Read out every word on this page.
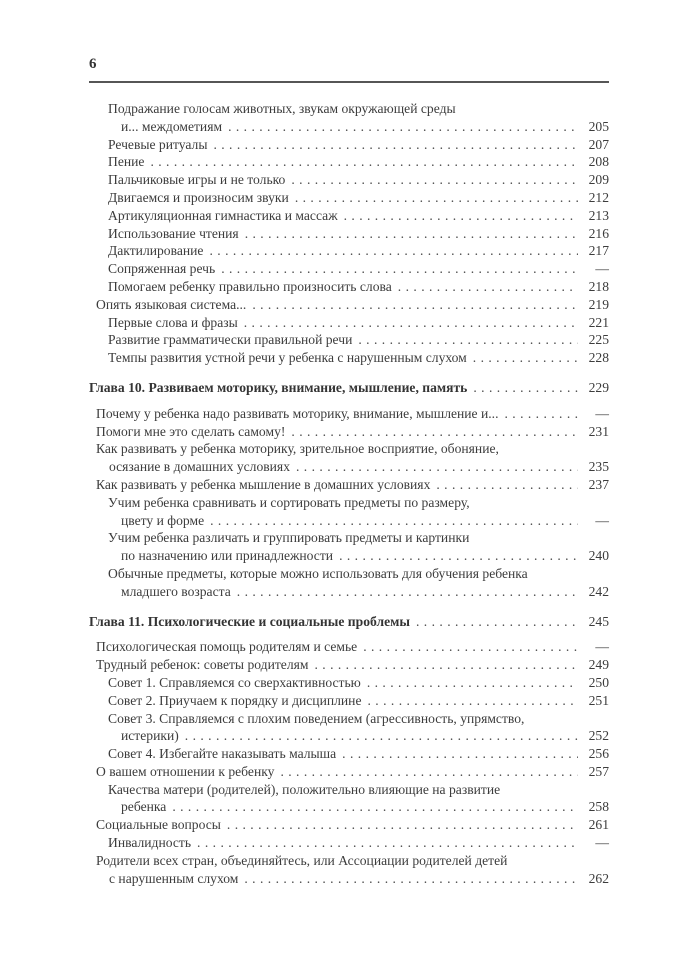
6
Подражание голосам животных, звукам окружающей среды
и... междометиям . . .	205
Речевые ритуалы . . .	207
Пение . . .	208
Пальчиковые игры и не только . . .	209
Двигаемся и произносим звуки . . .	212
Артикуляционная гимнастика и массаж . . .	213
Использование чтения . . .	216
Дактилирование . . .	217
Сопряженная речь . . .	—
Помогаем ребенку правильно произносить слова . . .	218
Опять языковая система... . . .	219
Первые слова и фразы . . .	221
Развитие грамматически правильной речи . . .	225
Темпы развития устной речи у ребенка с нарушенным слухом . . .	228
Глава 10. Развиваем моторику, внимание, мышление, память . . .	229
Почему у ребенка надо развивать моторику, внимание, мышление и... . . .	—
Помоги мне это сделать самому! . . .	231
Как развивать у ребенка моторику, зрительное восприятие, обоняние,
осязание в домашних условиях . . .	235
Как развивать у ребенка мышление в домашних условиях . . .	237
Учим ребенка сравнивать и сортировать предметы по размеру,
цвету и форме . . .	—
Учим ребенка различать и группировать предметы и картинки
по назначению или принадлежности . . .	240
Обычные предметы, которые можно использовать для обучения ребенка
младшего возраста . . .	242
Глава 11. Психологические и социальные проблемы . . .	245
Психологическая помощь родителям и семье . . .	—
Трудный ребенок: советы родителям . . .	249
Совет 1. Справляемся со сверхактивностью . . .	250
Совет 2. Приучаем к порядку и дисциплине . . .	251
Совет 3. Справляемся с плохим поведением (агрессивность, упрямство,
истерики) . . .	252
Совет 4. Избегайте наказывать малыша . . .	256
О вашем отношении к ребенку . . .	257
Качества матери (родителей), положительно влияющие на развитие
ребенка . . .	258
Социальные вопросы . . .	261
Инвалидность . . .	—
Родители всех стран, объединяйтесь, или Ассоциации родителей детей
с нарушенным слухом . . .	262
